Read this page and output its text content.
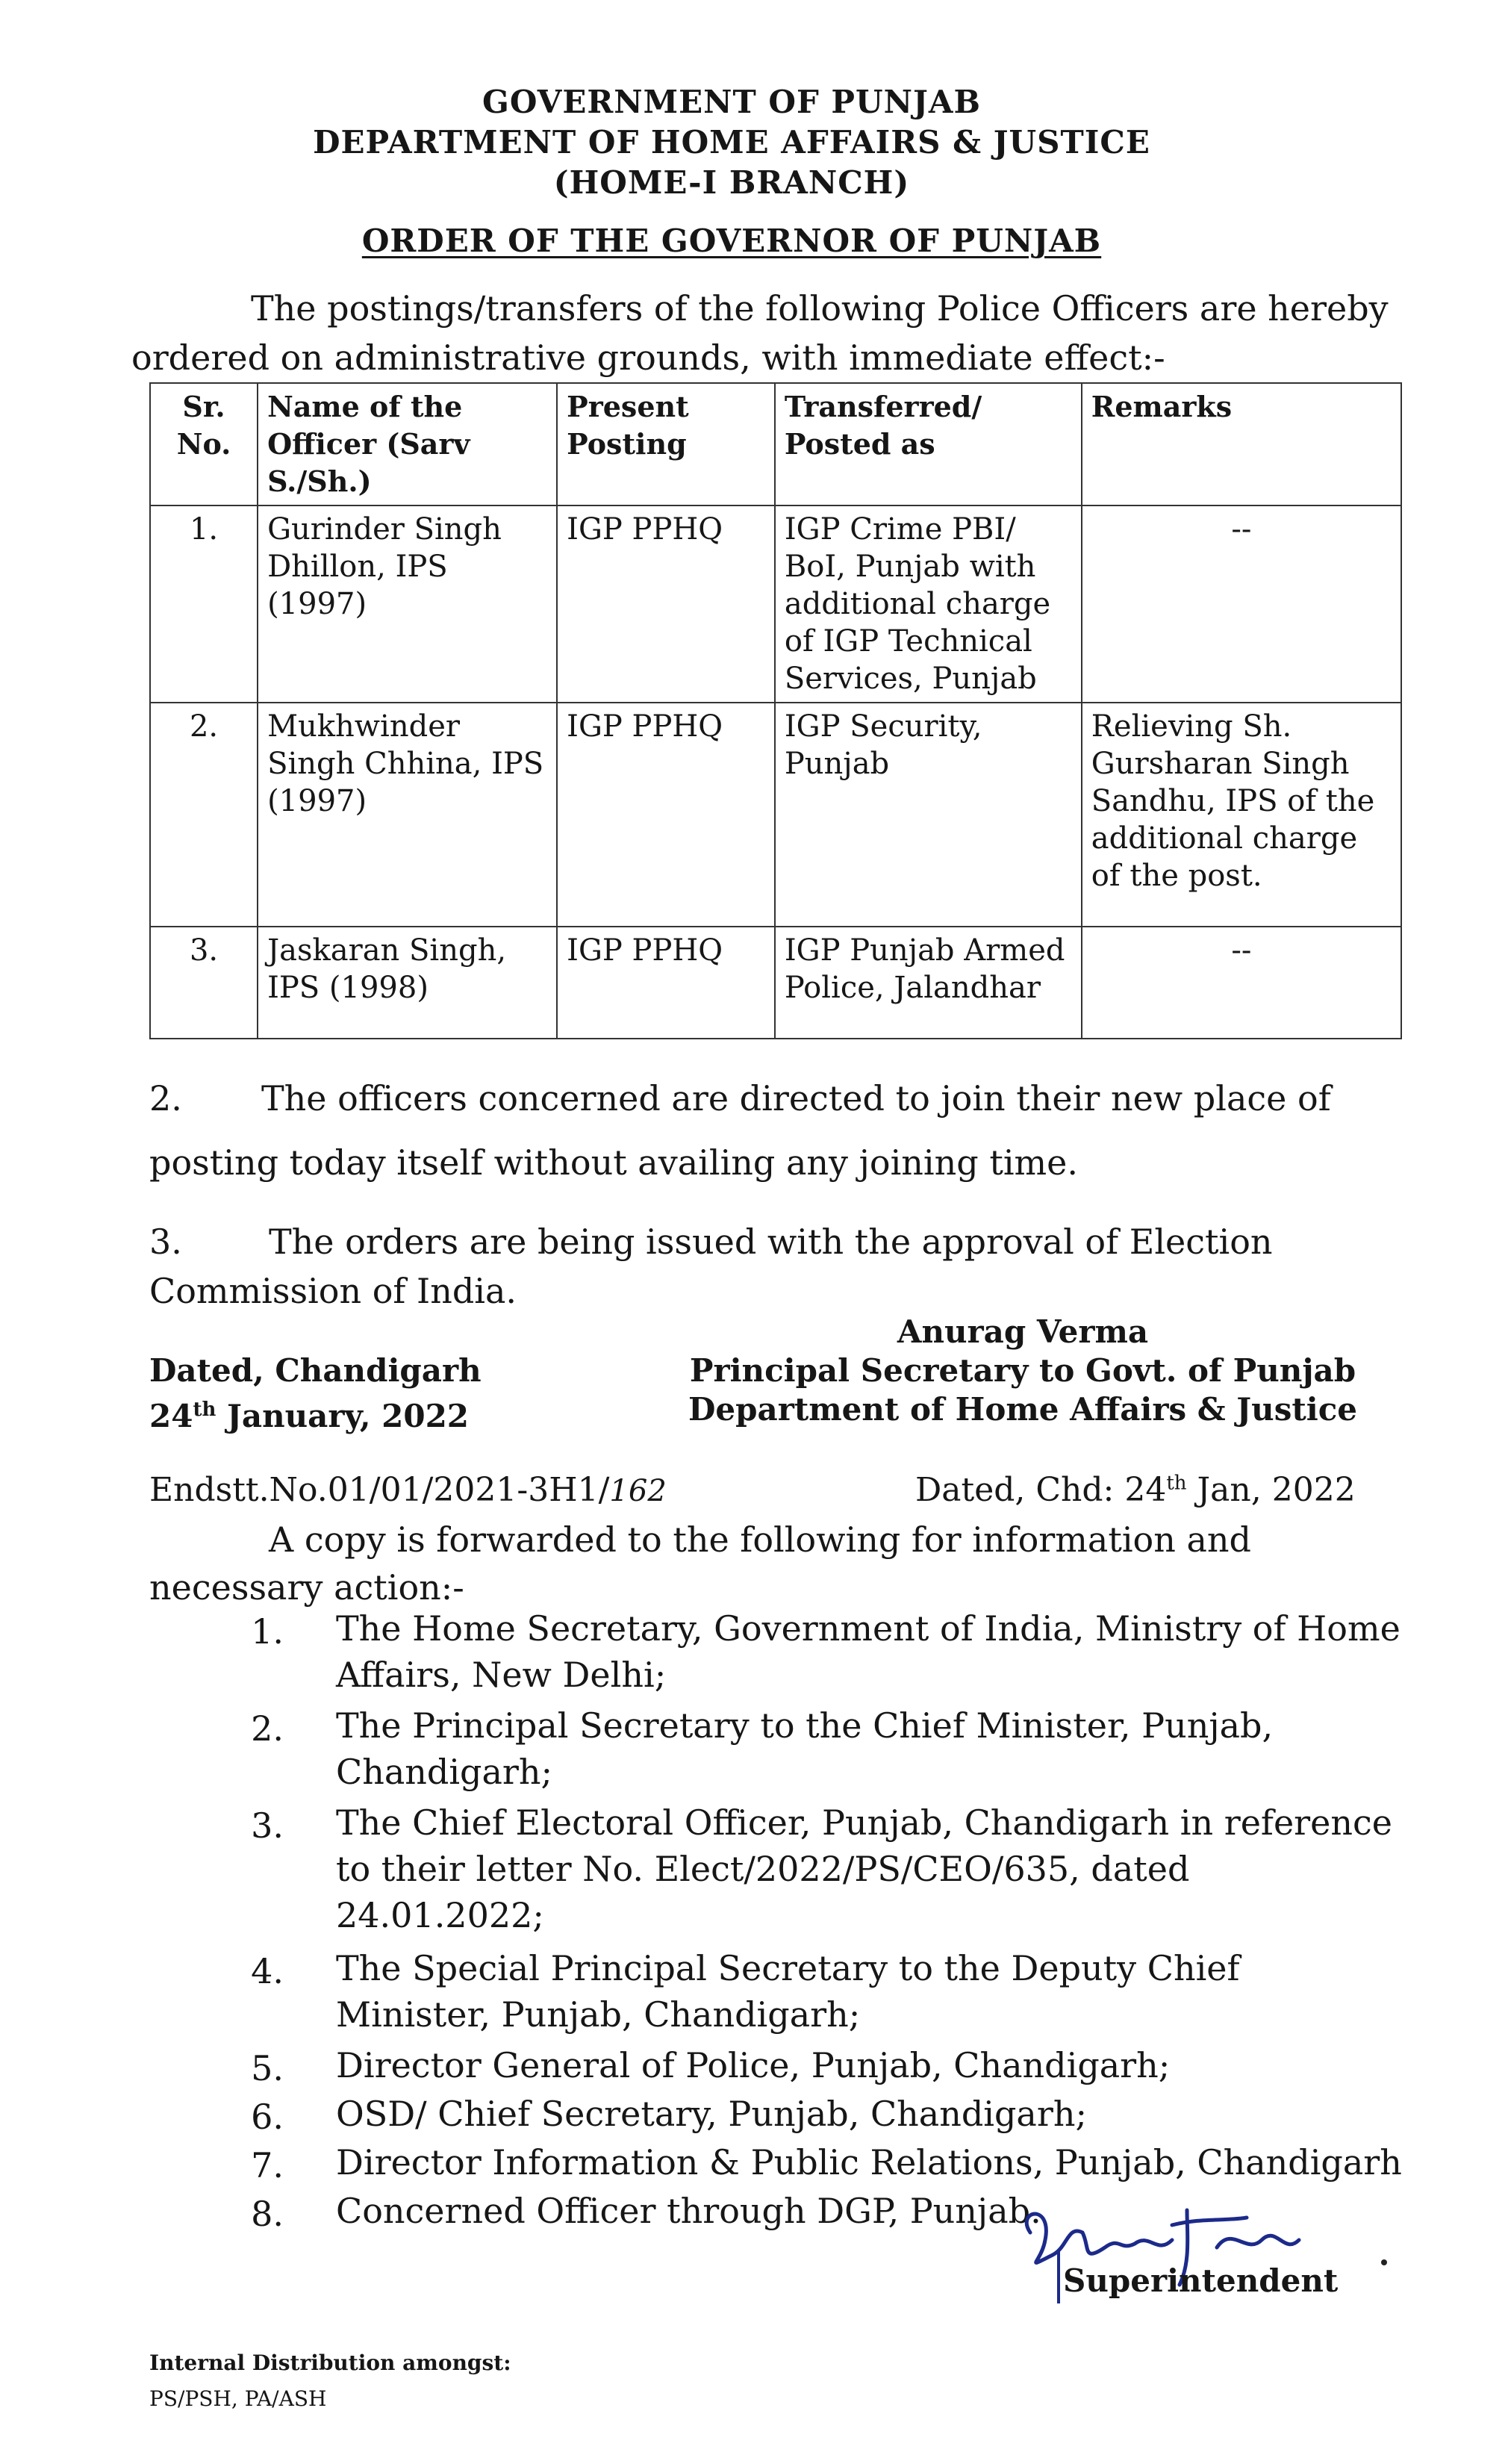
GOVERNMENT OF PUNJAB
DEPARTMENT OF HOME AFFAIRS & JUSTICE
(HOME-I BRANCH)
ORDER OF THE GOVERNOR OF PUNJAB
The postings/transfers of the following Police Officers are hereby ordered on administrative grounds, with immediate effect:-
Sr. No.	Name of the Officer (Sarv S./Sh.)	Present Posting	Transferred/ Posted as	Remarks
1.	Gurinder Singh Dhillon, IPS (1997)	IGP PPHQ	IGP Crime PBI/ BoI, Punjab with additional charge of IGP Technical Services, Punjab	--
2.	Mukhwinder Singh Chhina, IPS (1997)	IGP PPHQ	IGP Security, Punjab	Relieving Sh. Gursharan Singh Sandhu, IPS of the additional charge of the post.
3.	Jaskaran Singh, IPS (1998)	IGP PPHQ	IGP Punjab Armed Police, Jalandhar	--
2. The officers concerned are directed to join their new place of posting today itself without availing any joining time.
3.	The orders are being issued with the approval of Election Commission of India.
Anurag Verma
Principal Secretary to Govt. of Punjab
Department of Home Affairs & Justice
Dated, Chandigarh
24th January, 2022
Endstt.No.01/01/2021-3H1/162	Dated, Chd: 24th Jan, 2022
A copy is forwarded to the following for information and necessary action:-
1. The Home Secretary, Government of India, Ministry of Home Affairs, New Delhi;
2. The Principal Secretary to the Chief Minister, Punjab, Chandigarh;
3. The Chief Electoral Officer, Punjab, Chandigarh in reference to their letter No. Elect/2022/PS/CEO/635, dated 24.01.2022;
4. The Special Principal Secretary to the Deputy Chief Minister, Punjab, Chandigarh;
5. Director General of Police, Punjab, Chandigarh;
6. OSD/ Chief Secretary, Punjab, Chandigarh;
7. Director Information & Public Relations, Punjab, Chandigarh
8. Concerned Officer through DGP, Punjab.
Superintendent
Internal Distribution amongst:
PS/PSH, PA/ASH
